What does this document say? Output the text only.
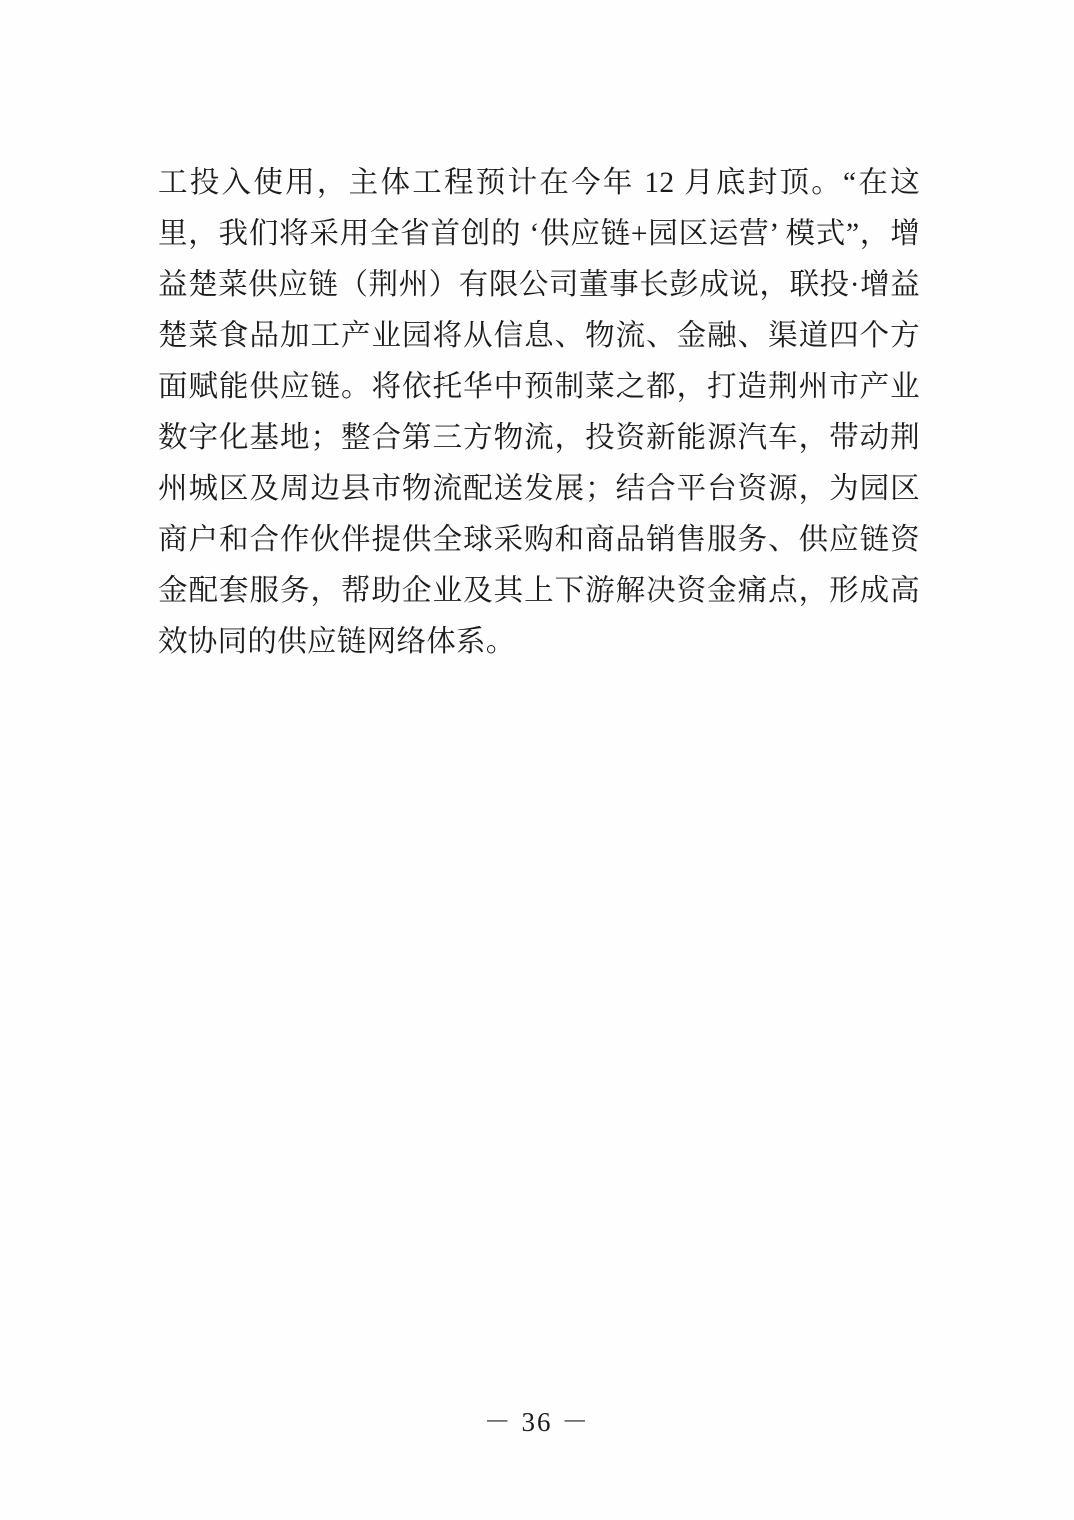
工投入使用，主体工程预计在今年 12 月底封顶。“在这里，我们将采用全省首创的 ‘供应链+园区运营’ 模式”，增益楚菜供应链（荆州）有限公司董事长彭成说，联投·增益楚菜食品加工产业园将从信息、物流、金融、渠道四个方面赋能供应链。将依托华中预制菜之都，打造荆州市产业数字化基地；整合第三方物流，投资新能源汽车，带动荆州城区及周边县市物流配送发展；结合平台资源，为园区商户和合作伙伴提供全球采购和商品销售服务、供应链资金配套服务，帮助企业及其上下游解决资金痛点，形成高效协同的供应链网络体系。

－ 36 －
